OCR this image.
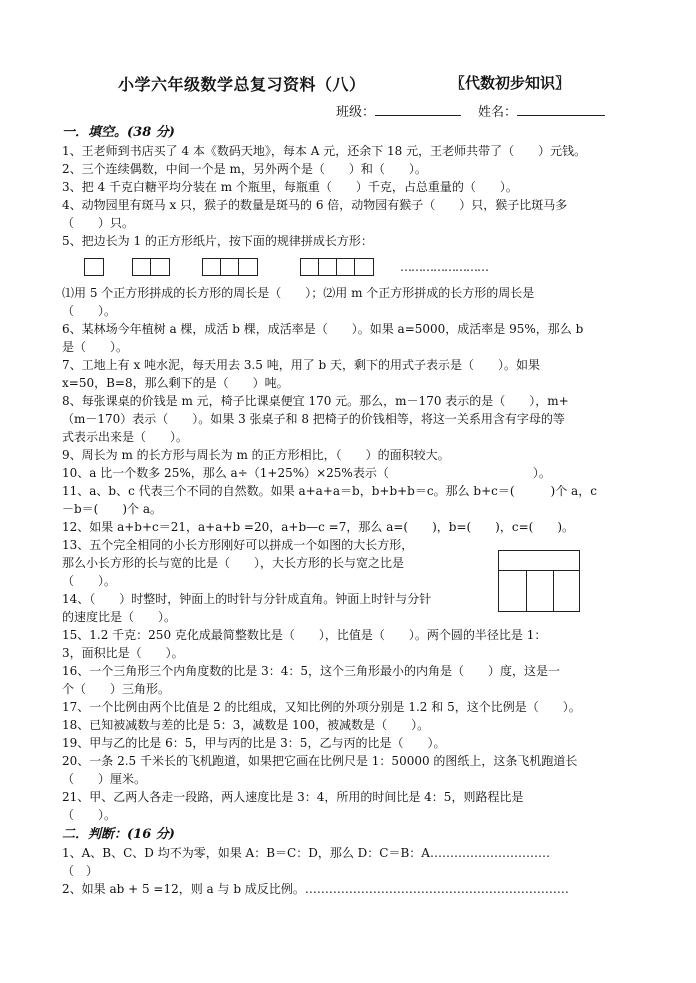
小学六年级数学总复习资料（八）	〖代数初步知识〗
班级：	姓名：
一．填空。(38 分)

1、王老师到书店买了 4 本《数码天地》，每本 A 元，还余下 18 元，王老师共带了（　　）元钱。

2、三个连续偶数，中间一个是 m，另外两个是（　　）和（　　）。

3、把 4 千克白糖平均分装在 m 个瓶里，每瓶重（　　）千克，占总重量的（　　）。

4、动物园里有斑马 x 只，猴子的数量是斑马的 6 倍，动物园有猴子（　　）只，猴子比斑马多

（　　）只。

5、把边长为 1 的正方形纸片，按下面的规律拼成长方形：

……………………

⑴用 5 个正方形拼成的长方形的周长是（　　）；⑵用 m 个正方形拼成的长方形的周长是

（　　）。

6、某林场今年植树 a 棵，成活 b 棵，成活率是（　　）。如果 a=5000，成活率是 95%，那么 b

是（　　）。

7、工地上有 x 吨水泥，每天用去 3.5 吨，用了 b 天，剩下的用式子表示是（　　）。如果

x=50，B=8，那么剩下的是（　　）吨。

8、每张课桌的价钱是 m 元，椅子比课桌便宜 170 元。那么，m－170 表示的是（　　），m+

（m－170）表示（　　）。如果 3 张桌子和 8 把椅子的价钱相等，将这一关系用含有字母的等

式表示出来是（　　）。

9、周长为 m 的长方形与周长为 m 的正方形相比，（　　）的面积较大。

10、a 比一个数多 25%，那么 a÷（1+25%）×25%表示（　　　　　　　　　　　　）。

11、a、b、c 代表三个不同的自然数。如果 a+a+a＝b，b+b+b＝c。那么 b+c＝(　　　)个 a，c

－b＝(　　)个 a。

12、如果 a+b+c＝21，a+a+b =20，a+b—c =7，那么 a=(　　)，b=(　　)，c=(　　)。

13、五个完全相同的小长方形刚好可以拼成一个如图的大长方形，

那么小长方形的长与宽的比是（　　），大长方形的长与宽之比是

（　　）。

14、（　　）时整时，钟面上的时针与分针成直角。钟面上时针与分针

的速度比是（　　）。

15、1.2 千克：250 克化成最简整数比是（　　），比值是（　　）。两个圆的半径比是 1：

3，面积比是（　　）。

16、一个三角形三个内角度数的比是 3：4：5，这个三角形最小的内角是（　　）度，这是一

个（　　）三角形。

17、一个比例由两个比值是 2 的比组成，又知比例的外项分别是 1.2 和 5，这个比例是（　　）。

18、已知被减数与差的比是 5：3，减数是 100，被减数是（　　）。

19、甲与乙的比是 6：5，甲与丙的比是 3：5，乙与丙的比是（　　）。

20、一条 2.5 千米长的飞机跑道，如果把它画在比例尺是 1：50000 的图纸上，这条飞机跑道长

（　　）厘米。

21、甲、乙两人各走一段路，两人速度比是 3：4，所用的时间比是 4：5，则路程比是

（　　）。

二．判断：(16 分)

1、A、B、C、D 均不为零，如果 A：B＝C：D，那么 D：C＝B：A…………………………

（　）

2、如果 ab + 5 =12，则 a 与 b 成反比例。…………………………………………………………
